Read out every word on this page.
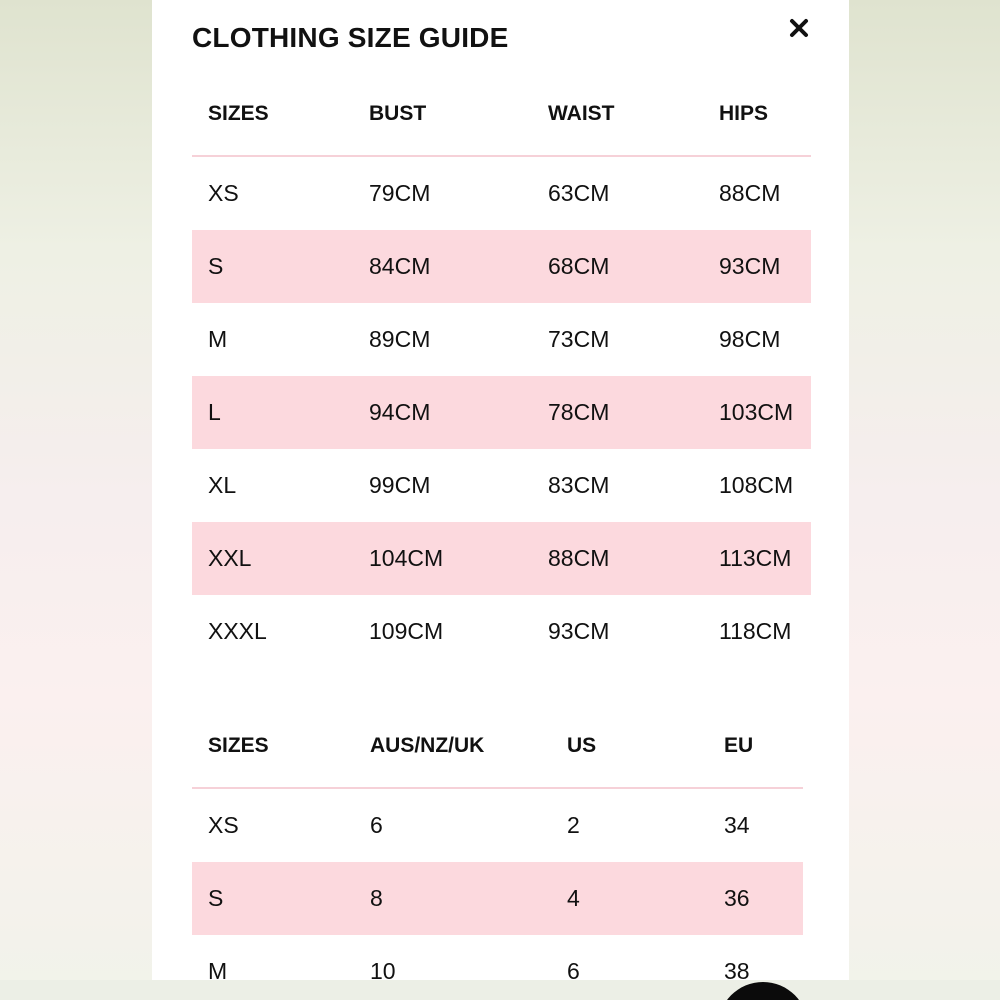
CLOTHING SIZE GUIDE
SIZES	BUST	WAIST	HIPS
XS	79CM	63CM	88CM
S	84CM	68CM	93CM
M	89CM	73CM	98CM
L	94CM	78CM	103CM
XL	99CM	83CM	108CM
XXL	104CM	88CM	113CM
XXXL	109CM	93CM	118CM
SIZES	AUS/NZ/UK	US	EU
XS	6	2	34
S	8	4	36
M	10	6	38
